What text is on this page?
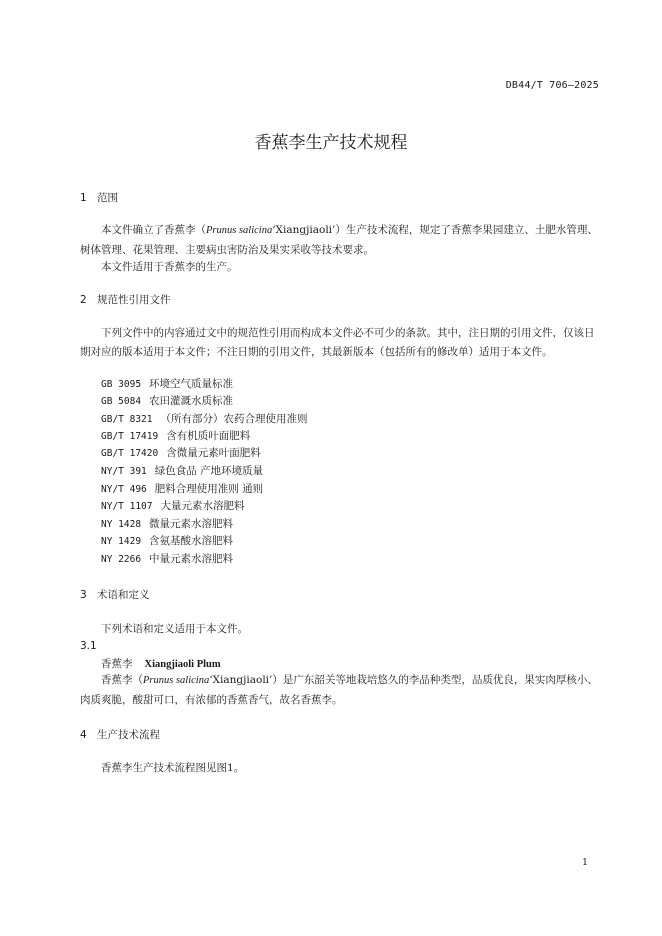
DB44/T 706—2025
香蕉李生产技术规程
1 范围
本文件确立了香蕉李（Prunus salicina‘Xiangjiaoli’）生产技术流程，规定了香蕉李果园建立、土肥水管理、树体管理、花果管理、主要病虫害防治及果实采收等技术要求。
本文件适用于香蕉李的生产。
2 规范性引用文件
下列文件中的内容通过文中的规范性引用而构成本文件必不可少的条款。其中，注日期的引用文件，仅该日期对应的版本适用于本文件；不注日期的引用文件，其最新版本（包括所有的修改单）适用于本文件。
GB 3095 环境空气质量标准
GB 5084 农田灌溉水质标准
GB/T 8321 （所有部分）农药合理使用准则
GB/T 17419 含有机质叶面肥料
GB/T 17420 含微量元素叶面肥料
NY/T 391 绿色食品 产地环境质量
NY/T 496 肥料合理使用准则 通则
NY/T 1107 大量元素水溶肥料
NY 1428 微量元素水溶肥料
NY 1429 含氨基酸水溶肥料
NY 2266 中量元素水溶肥料
3 术语和定义
下列术语和定义适用于本文件。
3.1
香蕉李 Xiangjiaoli Plum
香蕉李（Prunus salicina‘Xiangjiaoli’）是广东韶关等地栽培悠久的李品种类型，品质优良，果实肉厚核小、肉质爽脆，酸甜可口，有浓郁的香蕉香气，故名香蕉李。
4 生产技术流程
香蕉李生产技术流程图见图1。
1
